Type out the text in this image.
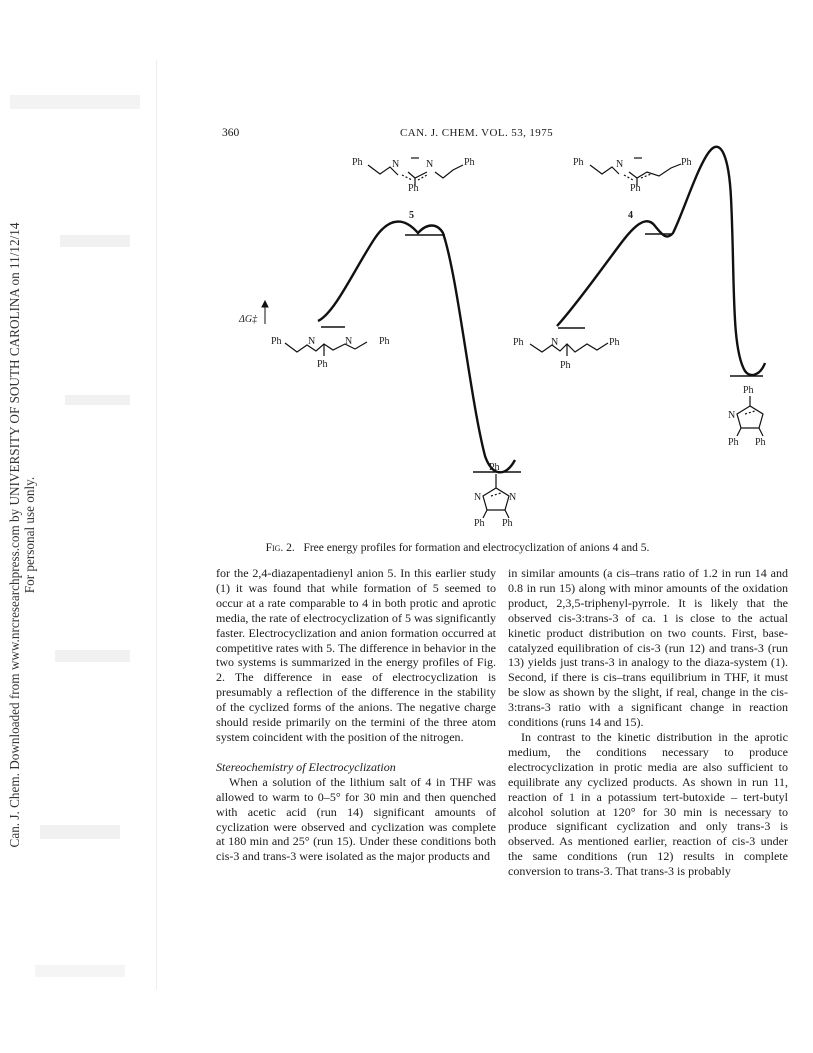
Can. J. Chem. Downloaded from www.nrcresearchpress.com by UNIVERSITY OF SOUTH CAROLINA on 11/12/14 For personal use only.
360	CAN. J. CHEM. VOL. 53, 1975
Ph	N	N	Ph
Ph
5
Ph	N	Ph
Ph
4
ΔG‡
Ph	N	N	Ph
Ph
Ph	N	Ph
Ph
Ph
N	N
Ph Ph
Ph
N
Ph Ph
Fig. 2. Free energy profiles for formation and electrocyclization of anions 4 and 5.

for the 2,4-diazapentadienyl anion 5. In this earlier study (1) it was found that while formation of 5 seemed to occur at a rate comparable to 4 in both protic and aprotic media, the rate of electrocyclization of 5 was significantly faster. Electrocyclization and anion formation occurred at competitive rates with 5. The difference in behavior in the two systems is summarized in the energy profiles of Fig. 2. The difference in ease of electrocyclization is presumably a reflection of the difference in the stability of the cyclized forms of the anions. The negative charge should reside primarily on the termini of the three atom system coincident with the position of the nitrogen.

Stereochemistry of Electrocyclization

When a solution of the lithium salt of 4 in THF was allowed to warm to 0–5° for 30 min and then quenched with acetic acid (run 14) significant amounts of cyclization were observed and cyclization was complete at 180 min and 25° (run 15). Under these conditions both cis-3 and trans-3 were isolated as the major products and

in similar amounts (a cis–trans ratio of 1.2 in run 14 and 0.8 in run 15) along with minor amounts of the oxidation product, 2,3,5-triphenyl-pyrrole. It is likely that the observed cis-3:trans-3 of ca. 1 is close to the actual kinetic product distribution on two counts. First, base-catalyzed equilibration of cis-3 (run 12) and trans-3 (run 13) yields just trans-3 in analogy to the diaza-system (1). Second, if there is cis–trans equilibrium in THF, it must be slow as shown by the slight, if real, change in the cis-3:trans-3 ratio with a significant change in reaction conditions (runs 14 and 15).

In contrast to the kinetic distribution in the aprotic medium, the conditions necessary to produce electrocyclization in protic media are also sufficient to equilibrate any cyclized products. As shown in run 11, reaction of 1 in a potassium tert-butoxide – tert-butyl alcohol solution at 120° for 30 min is necessary to produce significant cyclization and only trans-3 is observed. As mentioned earlier, reaction of cis-3 under the same conditions (run 12) results in complete conversion to trans-3. That trans-3 is probably
